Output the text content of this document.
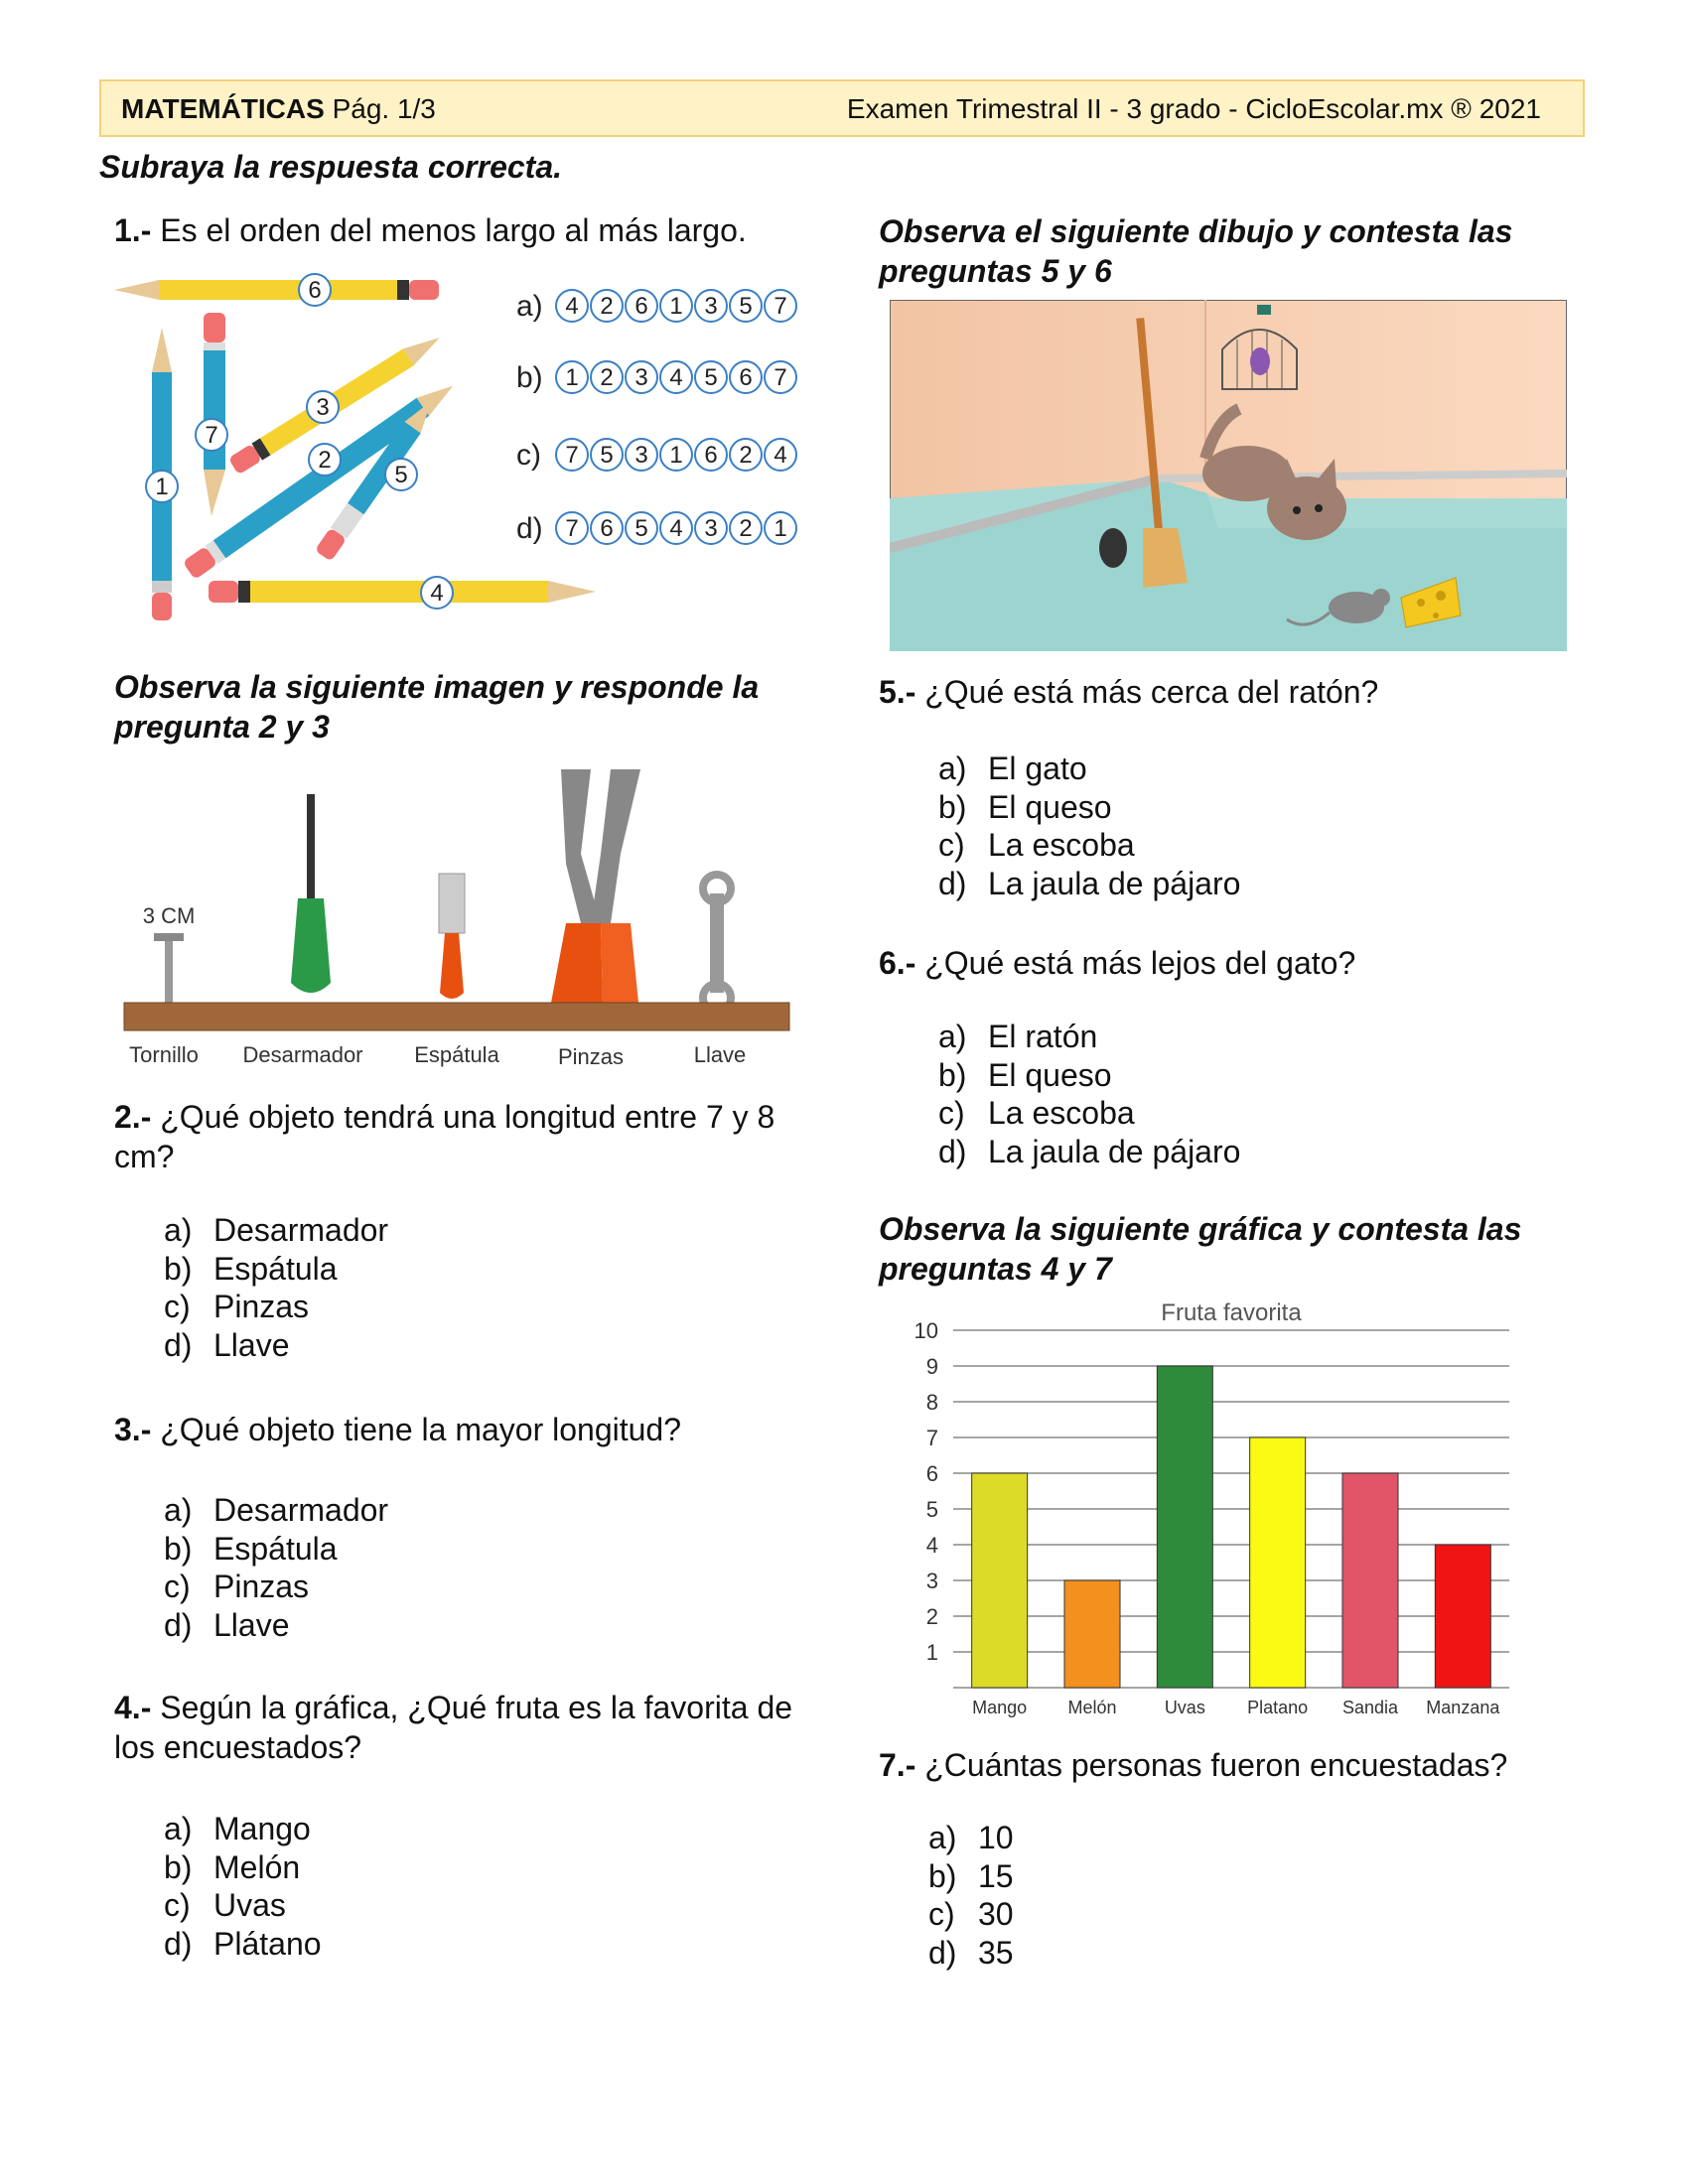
MATEMÁTICAS Pág. 1/3	Examen Trimestral II - 3 grado - CicloEscolar.mx ® 2021
Subraya la respuesta correcta.
1.- Es el orden del menos largo al más largo.
6
7
3
2
5
1
4
a) 4 2 6 1 3 5 7
b) 1 2 3 4 5 6 7
c) 7 5 3 1 6 2 4
d) 7 6 5 4 3 2 1
Observa la siguiente imagen y responde la pregunta 2 y 3
3 CM
Tornillo Desarmador Espátula	Pinzas	Llave
2.- ¿Qué objeto tendrá una longitud entre 7 y 8 cm?
a) Desarmador
b) Espátula
c) Pinzas
d) Llave
3.- ¿Qué objeto tiene la mayor longitud?
a) Desarmador
b) Espátula
c) Pinzas
d) Llave
4.- Según la gráfica, ¿Qué fruta es la favorita de los encuestados?
a) Mango
b) Melón
c) Uvas
d) Plátano
Observa el siguiente dibujo y contesta las preguntas 5 y 6
5.- ¿Qué está más cerca del ratón?
a) El gato
b) El queso
c) La escoba
d) La jaula de pájaro
6.- ¿Qué está más lejos del gato?
a) El ratón
b) El queso
c) La escoba
d) La jaula de pájaro
Observa la siguiente gráfica y contesta las preguntas 4 y 7
Fruta favorita
1
2
3
4
5
6
7
8
9
10
Mango Melón	Uvas Platano Sandia Manzana
7.- ¿Cuántas personas fueron encuestadas?
a) 10
b) 15
c) 30
d) 35
